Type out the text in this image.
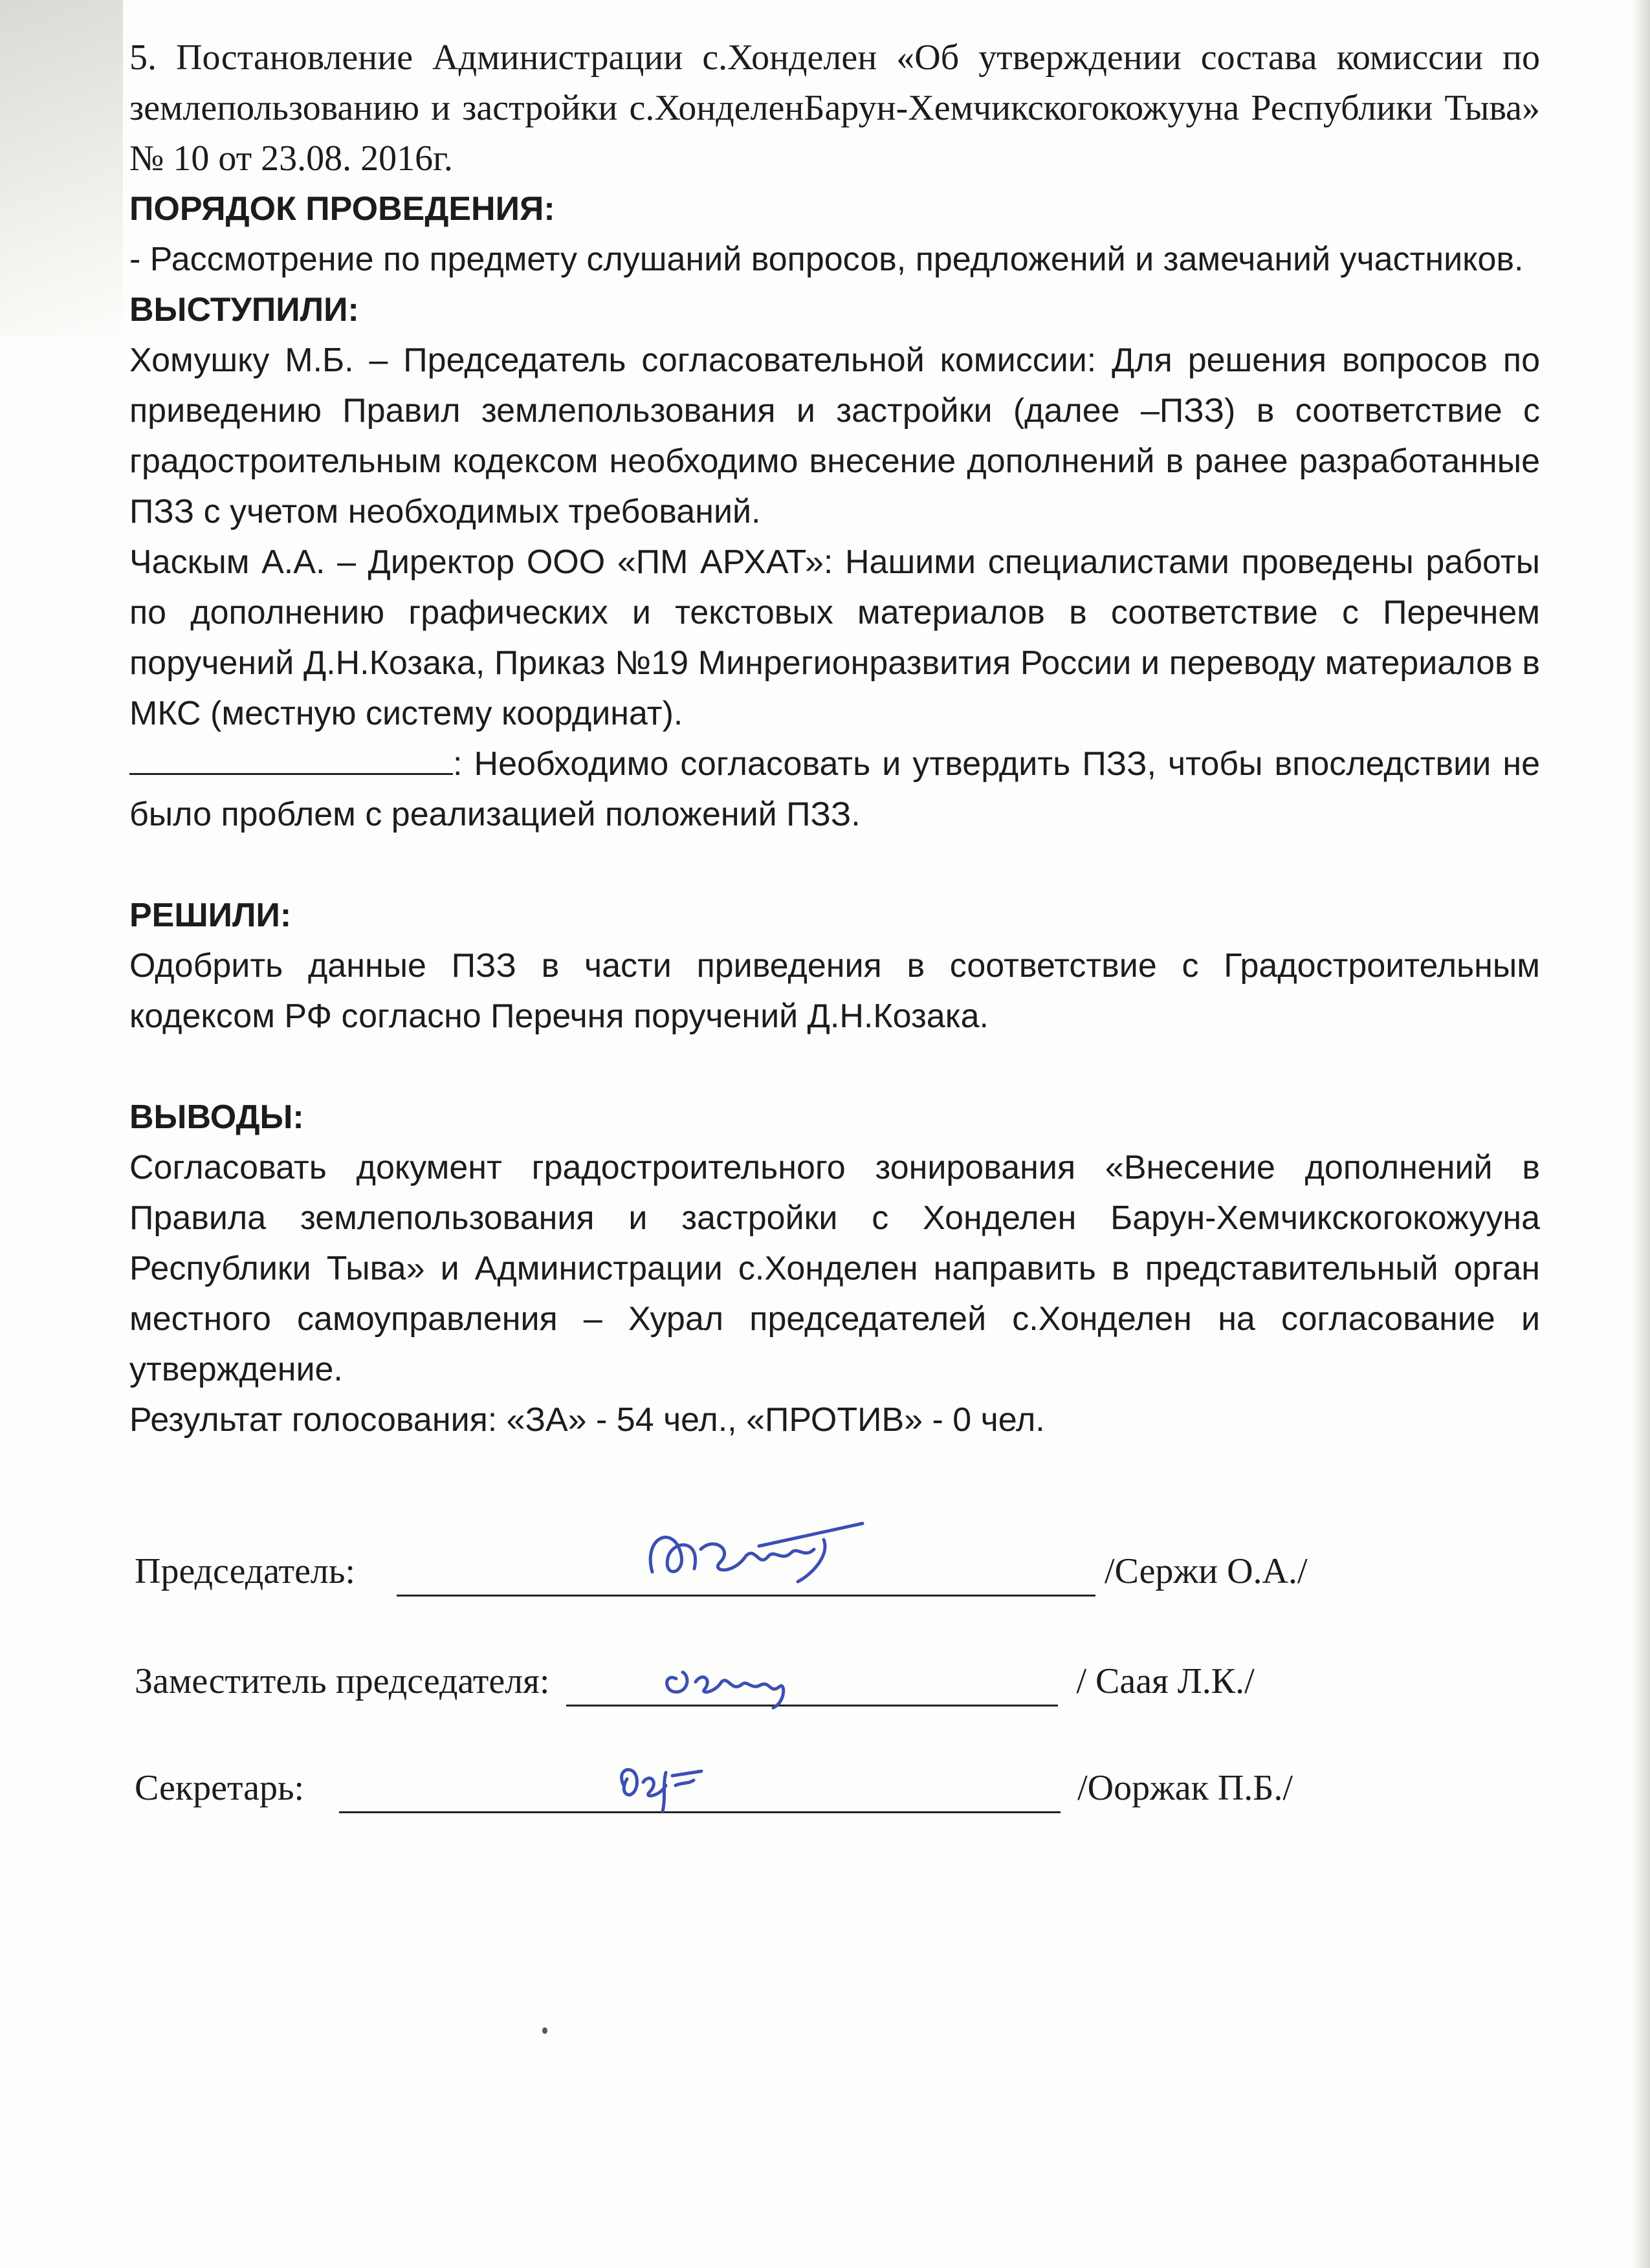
5. Постановление Администрации с.Хонделен «Об утверждении состава комиссии по землепользованию и застройки с.ХонделенБарун-Хемчикскогокожууна Республики Тыва» № 10 от 23.08. 2016г.

ПОРЯДОК ПРОВЕДЕНИЯ:

- Рассмотрение по предмету слушаний вопросов, предложений и замечаний участников.

ВЫСТУПИЛИ:

Хомушку М.Б. – Председатель согласовательной комиссии: Для решения вопросов по приведению Правил землепользования и застройки (далее –ПЗЗ) в соответствие с градостроительным кодексом необходимо внесение дополнений в ранее разработанные ПЗЗ с учетом необходимых требований.

Часкым А.А. – Директор ООО «ПМ АРХАТ»: Нашими специалистами проведены работы по дополнению графических и текстовых материалов в соответствие с Перечнем поручений Д.Н.Козака, Приказ №19 Минрегионразвития России и переводу материалов в МКС (местную систему координат).

: Необходимо согласовать и утвердить ПЗЗ, чтобы впоследствии не было проблем с реализацией положений ПЗЗ.

РЕШИЛИ:

Одобрить данные ПЗЗ в части приведения в соответствие с Градостроительным кодексом РФ согласно Перечня поручений Д.Н.Козака.

ВЫВОДЫ:

Согласовать документ градостроительного зонирования «Внесение дополнений в Правила землепользования и застройки с Хонделен Барун-Хемчикскогокожууна Республики Тыва» и Администрации с.Хонделен направить в представительный орган местного самоуправления – Хурал председателей с.Хонделен на согласование и утверждение.

Результат голосования: «ЗА» - 54 чел., «ПРОТИВ» - 0 чел.

Председатель:	/Сержи О.А./
Заместитель председателя:	/ Саая Л.К./
Секретарь:	/Ооржак П.Б./
